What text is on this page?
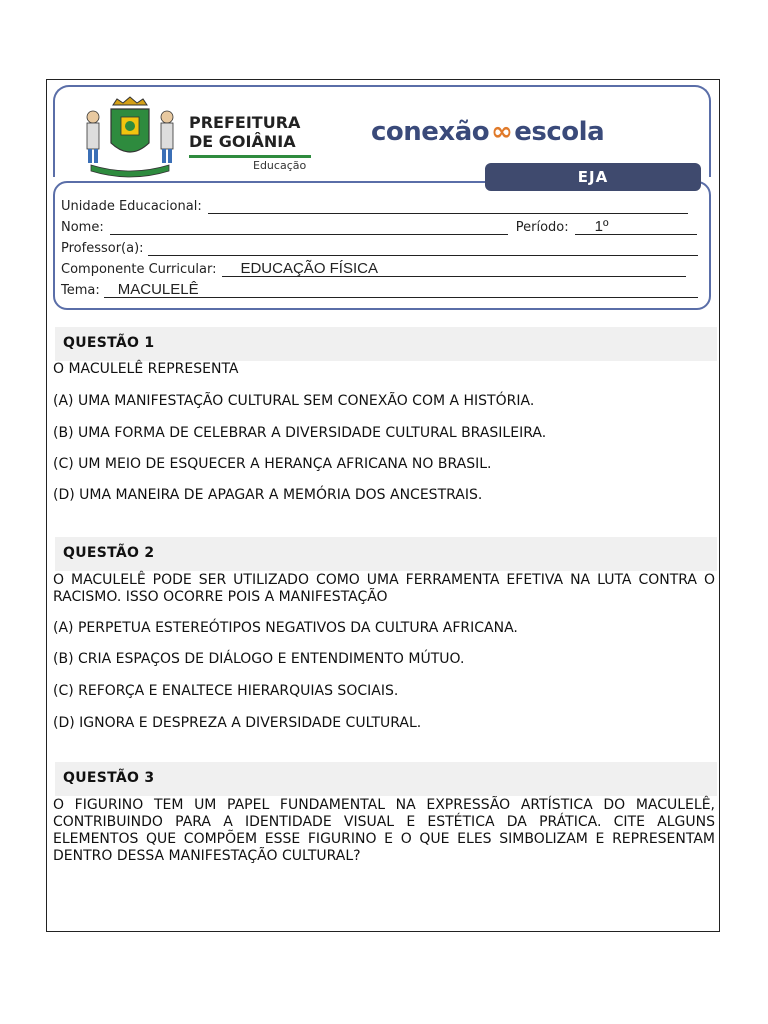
PREFEITURA
DE GOIÂNIA
Educação
conexão∞escola
EJA
Unidade Educacional:
Nome:	Período: 1º
Professor(a):
Componente Curricular: EDUCAÇÃO FÍSICA
Tema: MACULELÊ
QUESTÃO 1
O MACULELÊ REPRESENTA
(A) UMA MANIFESTAÇÃO CULTURAL SEM CONEXÃO COM A HISTÓRIA.
(B) UMA FORMA DE CELEBRAR A DIVERSIDADE CULTURAL BRASILEIRA.
(C) UM MEIO DE ESQUECER A HERANÇA AFRICANA NO BRASIL.
(D) UMA MANEIRA DE APAGAR A MEMÓRIA DOS ANCESTRAIS.
QUESTÃO 2
O MACULELÊ PODE SER UTILIZADO COMO UMA FERRAMENTA EFETIVA NA LUTA CONTRA O RACISMO. ISSO OCORRE POIS A MANIFESTAÇÃO
(A) PERPETUA ESTEREÓTIPOS NEGATIVOS DA CULTURA AFRICANA.
(B) CRIA ESPAÇOS DE DIÁLOGO E ENTENDIMENTO MÚTUO.
(C) REFORÇA E ENALTECE HIERARQUIAS SOCIAIS.
(D) IGNORA E DESPREZA A DIVERSIDADE CULTURAL.
QUESTÃO 3
O FIGURINO TEM UM PAPEL FUNDAMENTAL NA EXPRESSÃO ARTÍSTICA DO MACULELÊ, CONTRIBUINDO PARA A IDENTIDADE VISUAL E ESTÉTICA DA PRÁTICA. CITE ALGUNS ELEMENTOS QUE COMPÕEM ESSE FIGURINO E O QUE ELES SIMBOLIZAM E REPRESENTAM DENTRO DESSA MANIFESTAÇÃO CULTURAL?
